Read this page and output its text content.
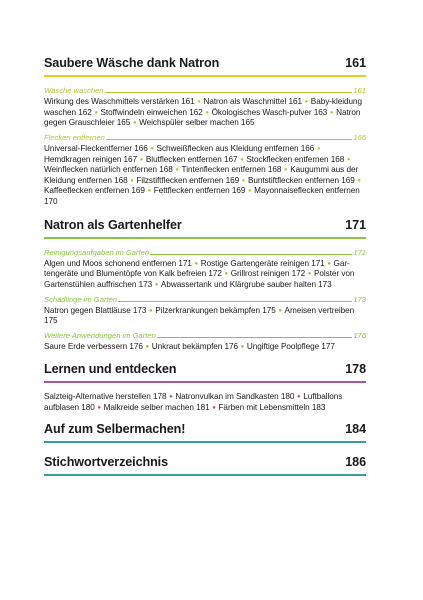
Saubere Wäsche dank Natron	161
Wäsche waschen	161
Wirkung des Waschmittels verstärken 161 ● Natron als Waschmittel 161 ● Baby-kleidung waschen 162 ● Stoffwindeln einweichen 162 ● Ökologisches Wasch-pulver 163 ● Natron gegen Grauschleier 165 ● Weichspüler selber machen 165
Flecken entfernen	166
Universal-Fleckentferner 166 ● Schweißflecken aus Kleidung entfernen 166 ● Hemdkragen reinigen 167 ● Blutflecken entfernen 167 ● Stockflecken entfernen 168 ● Weinflecken natürlich entfernen 168 ● Tintenflecken entfernen 168 ● Kaugummi aus der Kleidung entfernen 168 ● Filzstiftflecken entfernen 169 ● Buntstiftflecken entfernen 169 ● Kaffeeflecken entfernen 169 ● Fettflecken entfernen 169 ● Mayonnaiseflecken entfernen 170
Natron als Gartenhelfer	171
Reinigungsaufgaben im Garten	171
Algen und Moos schonend entfernen 171 ● Rostige Gartengeräte reinigen 171 ● Gar-tengeräte und Blumentöpfe von Kalk befreien 172 ● Grillrost reinigen 172 ● Polster von Gartenstühlen auffrischen 173 ● Abwassertank und Klärgrube sauber halten 173
Schädlinge im Garten	173
Natron gegen Blattläuse 173 ● Pilzerkrankungen bekämpfen 175 ● Ameisen vertreiben 175
Weitere Anwendungen im Garten	176
Saure Erde verbessern 176 ● Unkraut bekämpfen 176 ● Ungiftige Poolpflege 177
Lernen und entdecken	178
Salzteig-Alternative herstellen 178 ● Natronvulkan im Sandkasten 180 ● Luftballons aufblasen 180 ● Malkreide selber machen 181 ● Färben mit Lebensmitteln 183
Auf zum Selbermachen!	184
Stichwortverzeichnis	186
